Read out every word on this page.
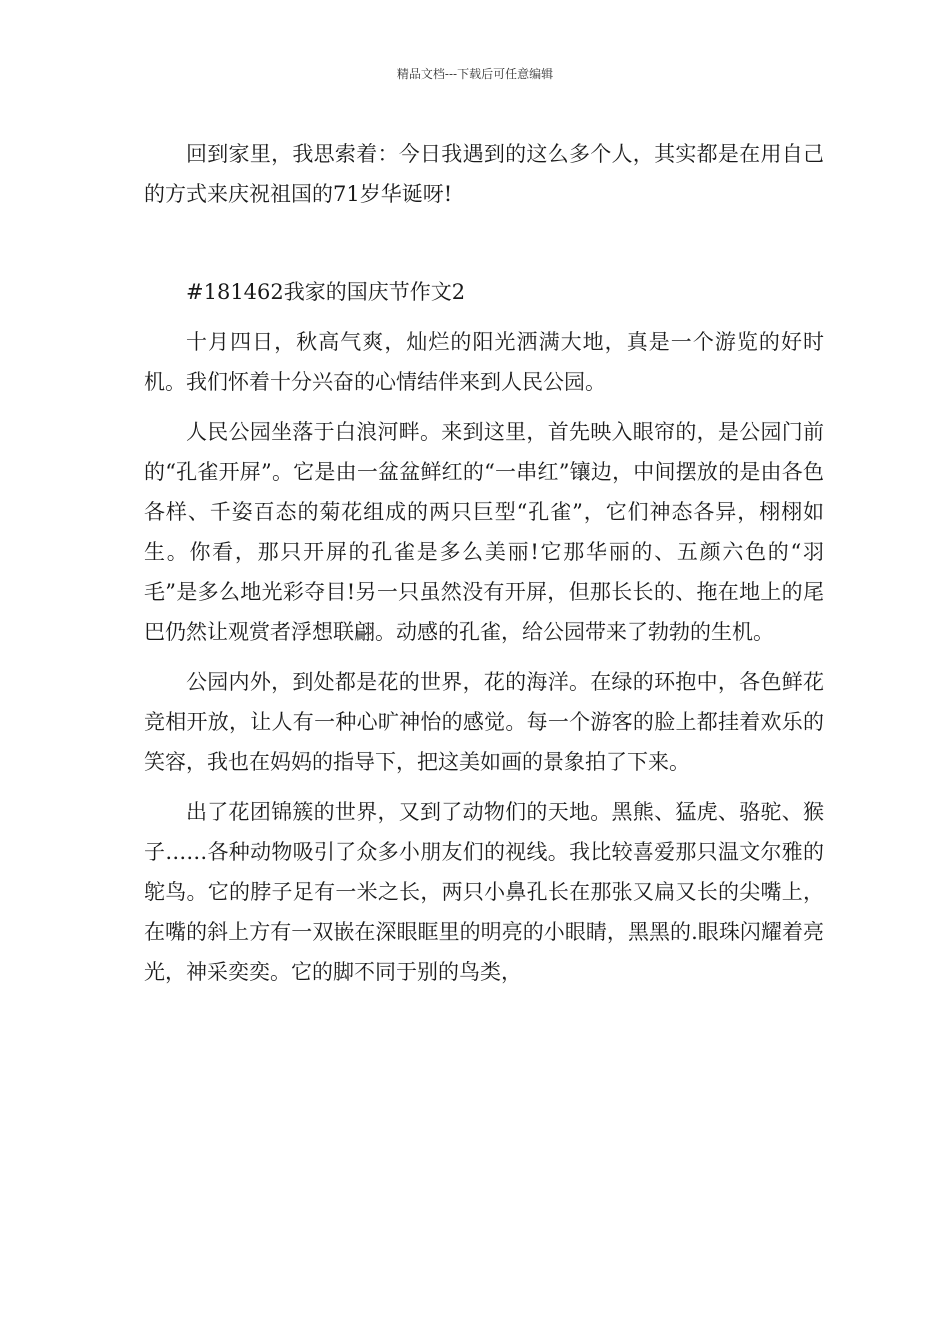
精品文档---下载后可任意编辑

回到家里，我思索着：今日我遇到的这么多个人，其实都是在用自己的方式来庆祝祖国的71岁华诞呀!

#181462我家的国庆节作文2

十月四日，秋高气爽，灿烂的阳光洒满大地，真是一个游览的好时机。我们怀着十分兴奋的心情结伴来到人民公园。

人民公园坐落于白浪河畔。来到这里，首先映入眼帘的，是公园门前的“孔雀开屏”。它是由一盆盆鲜红的“一串红”镶边，中间摆放的是由各色各样、千姿百态的菊花组成的两只巨型“孔雀”，它们神态各异，栩栩如生。你看，那只开屏的孔雀是多么美丽!它那华丽的、五颜六色的“羽毛”是多么地光彩夺目!另一只虽然没有开屏，但那长长的、拖在地上的尾巴仍然让观赏者浮想联翩。动感的孔雀，给公园带来了勃勃的生机。

公园内外，到处都是花的世界，花的海洋。在绿的环抱中，各色鲜花竞相开放，让人有一种心旷神怡的感觉。每一个游客的脸上都挂着欢乐的笑容，我也在妈妈的指导下，把这美如画的景象拍了下来。

出了花团锦簇的世界，又到了动物们的天地。黑熊、猛虎、骆驼、猴子……各种动物吸引了众多小朋友们的视线。我比较喜爱那只温文尔雅的鸵鸟。它的脖子足有一米之长，两只小鼻孔长在那张又扁又长的尖嘴上，在嘴的斜上方有一双嵌在深眼眶里的明亮的小眼睛，黑黑的.眼珠闪耀着亮光，神采奕奕。它的脚不同于别的鸟类，
